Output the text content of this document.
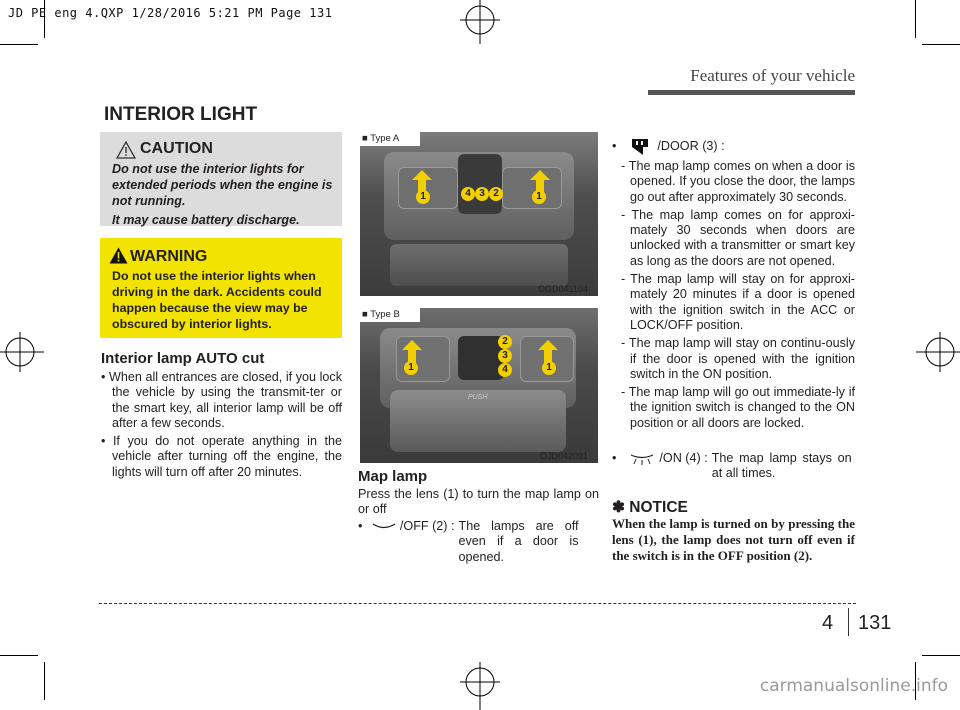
JD PE eng 4.QXP 1/28/2016 5:21 PM Page 131
Features of your vehicle
INTERIOR LIGHT
CAUTION
Do not use the interior lights for extended periods when the engine is not running.
It may cause battery discharge.
WARNING
Do not use the interior lights when driving in the dark. Accidents could happen because the view may be obscured by interior lights.
Interior lamp AUTO cut
• When all entrances are closed, if you lock the vehicle by using the transmit-ter or the smart key, all interior lamp will be off after a few seconds.
• If you do not operate anything in the vehicle after turning off the engine, the lights will turn off after 20 minutes.
1	4 3 2	1
■ Type A
OGD041104
PUSH
1
2
3
4	1
■ Type B
OJD042091
Map lamp
Press the lens (1) to turn the map lamp on or off
•	/OFF (2) : The lamps are off even if a door is opened.
•	/DOOR (3) :
- The map lamp comes on when a door is opened. If you close the door, the lamps go out after approximately 30 seconds.
- The map lamp comes on for approxi-mately 30 seconds when doors are unlocked with a transmitter or smart key as long as the doors are not opened.
- The map lamp will stay on for approxi-mately 20 minutes if a door is opened with the ignition switch in the ACC or LOCK/OFF position.
- The map lamp will stay on continu-ously if the door is opened with the ignition switch in the ON position.
- The map lamp will go out immediate-ly if the ignition switch is changed to the ON position or all doors are locked.
•	/ON (4) : The map lamp stays on at all times.
✽ NOTICE
When the lamp is turned on by pressing the lens (1), the lamp does not turn off even if the switch is in the OFF position (2).
4 131
carmanualsonline.info
